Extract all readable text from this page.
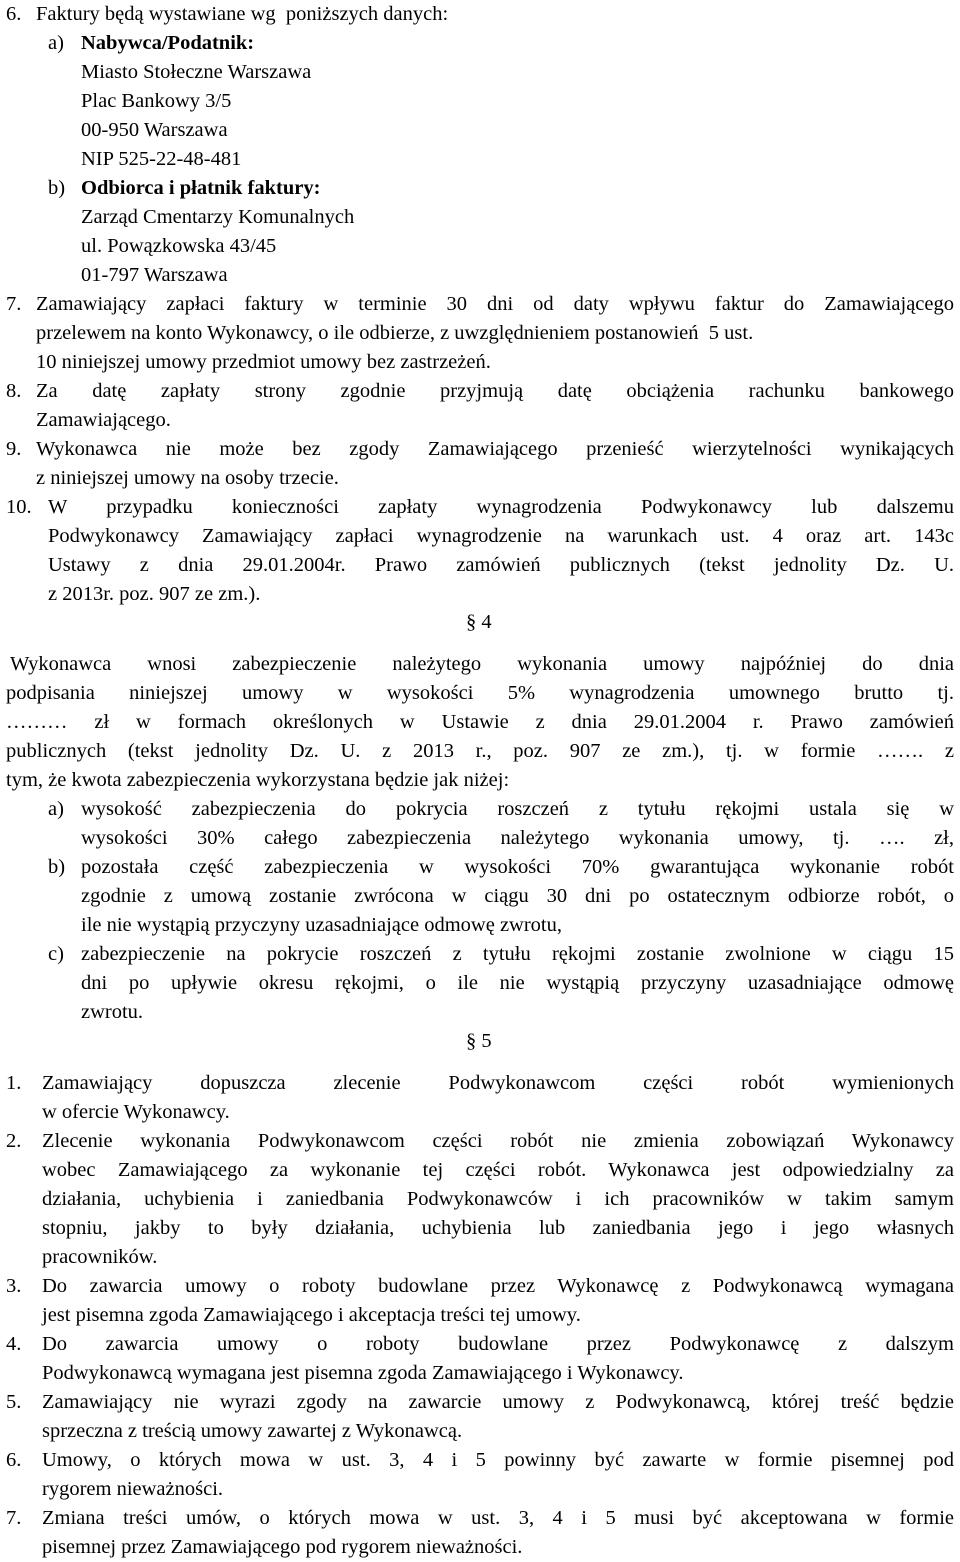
6. Faktury będą wystawiane wg  poniższych danych:
a) Nabywca/Podatnik:
Miasto Stołeczne Warszawa
Plac Bankowy 3/5
00-950 Warszawa
NIP 525-22-48-481
b) Odbiorca i płatnik faktury:
Zarząd Cmentarzy Komunalnych
ul. Powązkowska 43/45
01-797 Warszawa
7. Zamawiający zapłaci faktury w terminie 30 dni od daty wpływu faktur do Zamawiającego
przelewem na konto Wykonawcy, o ile odbierze, z uwzględnieniem postanowień  5 ust.
10 niniejszej umowy przedmiot umowy bez zastrzeżeń.
8. Za datę zapłaty strony zgodnie przyjmują datę obciążenia rachunku bankowego
Zamawiającego.
9. Wykonawca nie może bez zgody Zamawiającego przenieść wierzytelności wynikających
z niniejszej umowy na osoby trzecie.
10. W przypadku konieczności zapłaty wynagrodzenia Podwykonawcy lub dalszemu
Podwykonawcy Zamawiający zapłaci wynagrodzenie na warunkach ust. 4 oraz art. 143c
Ustawy z dnia 29.01.2004r. Prawo zamówień publicznych (tekst jednolity Dz. U.
z 2013r. poz. 907 ze zm.).
§ 4
Wykonawca wnosi zabezpieczenie należytego wykonania umowy najpóźniej do dnia
podpisania niniejszej umowy w wysokości 5% wynagrodzenia umownego brutto tj.
……… zł w formach określonych w Ustawie z dnia 29.01.2004 r. Prawo zamówień
publicznych (tekst jednolity Dz. U. z 2013 r., poz. 907 ze zm.), tj. w formie ……. z
tym, że kwota zabezpieczenia wykorzystana będzie jak niżej:
a) wysokość zabezpieczenia do pokrycia roszczeń z tytułu rękojmi ustala się w
wysokości 30% całego zabezpieczenia należytego wykonania umowy, tj. …. zł,
b) pozostała część zabezpieczenia w wysokości 70% gwarantująca wykonanie robót
zgodnie z umową zostanie zwrócona w ciągu 30 dni po ostatecznym odbiorze robót, o
ile nie wystąpią przyczyny uzasadniające odmowę zwrotu,
c) zabezpieczenie na pokrycie roszczeń z tytułu rękojmi zostanie zwolnione w ciągu 15
dni po upływie okresu rękojmi, o ile nie wystąpią przyczyny uzasadniające odmowę
zwrotu.
§ 5
1. Zamawiający dopuszcza zlecenie Podwykonawcom części robót wymienionych
w ofercie Wykonawcy.
2. Zlecenie wykonania Podwykonawcom części robót nie zmienia zobowiązań Wykonawcy
wobec Zamawiającego za wykonanie tej części robót. Wykonawca jest odpowiedzialny za
działania, uchybienia i zaniedbania Podwykonawców i ich pracowników w takim samym
stopniu, jakby to były działania, uchybienia lub zaniedbania jego i jego własnych
pracowników.
3. Do zawarcia umowy o roboty budowlane przez Wykonawcę z Podwykonawcą wymagana
jest pisemna zgoda Zamawiającego i akceptacja treści tej umowy.
4. Do zawarcia umowy o roboty budowlane przez Podwykonawcę z dalszym
Podwykonawcą wymagana jest pisemna zgoda Zamawiającego i Wykonawcy.
5. Zamawiający nie wyrazi zgody na zawarcie umowy z Podwykonawcą, której treść będzie
sprzeczna z treścią umowy zawartej z Wykonawcą.
6. Umowy, o których mowa w ust. 3, 4 i 5 powinny być zawarte w formie pisemnej pod
rygorem nieważności.
7. Zmiana treści umów, o których mowa w ust. 3, 4 i 5 musi być akceptowana w formie
pisemnej przez Zamawiającego pod rygorem nieważności.
